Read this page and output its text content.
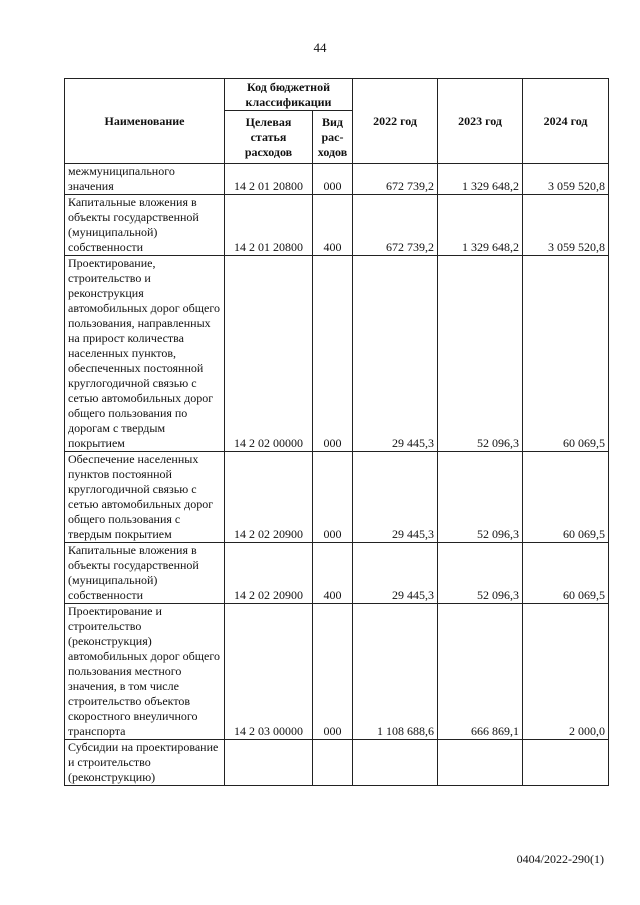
44
Наименование	Код бюджетной классификации		2022 год	2023 год	2024 год
	Целевая статья расходов	Вид рас-ходов			
межмуниципального значения	14 2 01 20800	000	672 739,2	1 329 648,2	3 059 520,8
Капитальные вложения в объекты государственной (муниципальной) собственности	14 2 01 20800	400	672 739,2	1 329 648,2	3 059 520,8
Проектирование, строительство и реконструкция автомобильных дорог общего пользования, направленных на прирост количества населенных пунктов, обеспеченных постоянной круглогодичной связью с сетью автомобильных дорог общего пользования по дорогам с твердым покрытием	14 2 02 00000	000	29 445,3	52 096,3	60 069,5
Обеспечение населенных пунктов постоянной круглогодичной связью с сетью автомобильных дорог общего пользования с твердым покрытием	14 2 02 20900	000	29 445,3	52 096,3	60 069,5
Капитальные вложения в объекты государственной (муниципальной) собственности	14 2 02 20900	400	29 445,3	52 096,3	60 069,5
Проектирование и строительство (реконструкция) автомобильных дорог общего пользования местного значения, в том числе строительство объектов скоростного внеуличного транспорта	14 2 03 00000	000	1 108 688,6	666 869,1	2 000,0
Субсидии на проектирование и строительство (реконструкцию)					
0404/2022-290(1)
